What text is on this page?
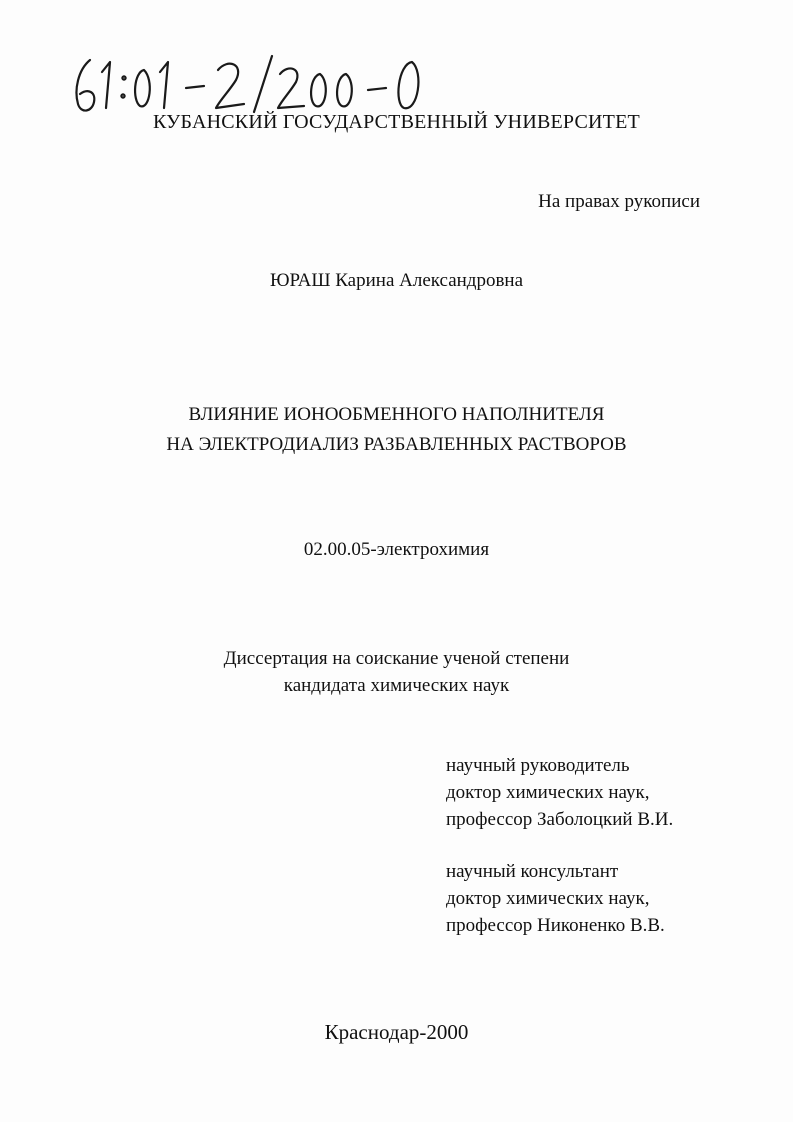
КУБАНСКИЙ ГОСУДАРСТВЕННЫЙ УНИВЕРСИТЕТ
На правах рукописи
ЮРАШ Карина Александровна
ВЛИЯНИЕ ИОНООБМЕННОГО НАПОЛНИТЕЛЯ
НА ЭЛЕКТРОДИАЛИЗ РАЗБАВЛЕННЫХ РАСТВОРОВ
02.00.05-электрохимия
Диссертация на соискание ученой степени
кандидата химических наук
научный руководитель
доктор химических наук,
профессор Заболоцкий В.И.
научный консультант
доктор химических наук,
профессор Никоненко В.В.
Краснодар-2000
